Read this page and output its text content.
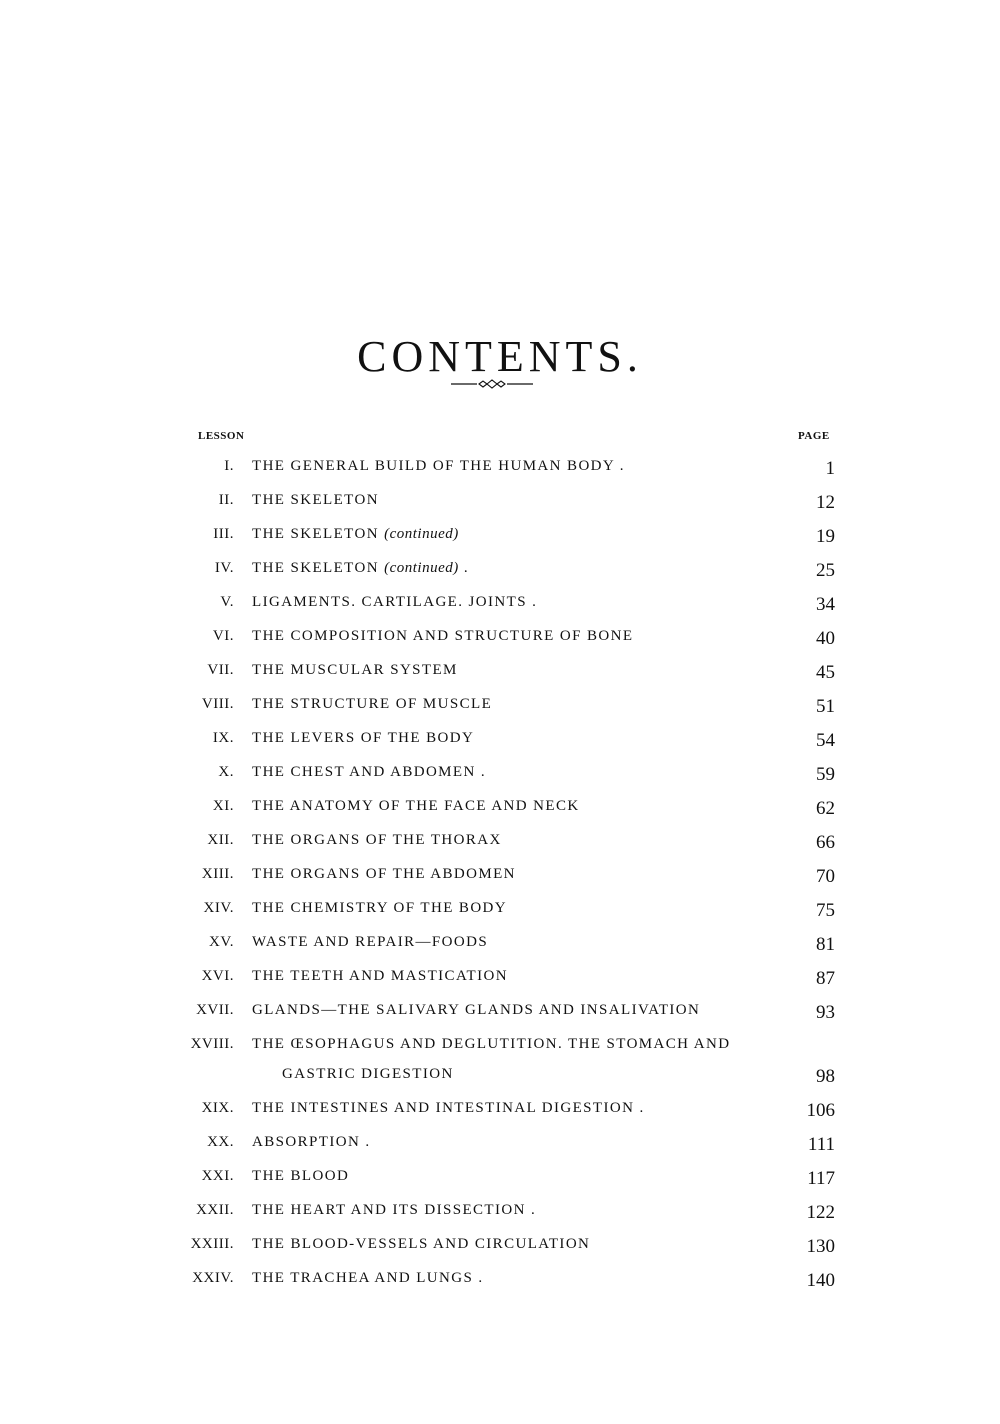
CONTENTS.
LESSON	PAGE
I. THE GENERAL BUILD OF THE HUMAN BODY .	1
II. THE SKELETON	12
III. THE SKELETON (continued)	19
IV. THE SKELETON (continued) .	25
V. LIGAMENTS. CARTILAGE. JOINTS .	34
VI. THE COMPOSITION AND STRUCTURE OF BONE	40
VII. THE MUSCULAR SYSTEM	45
VIII. THE STRUCTURE OF MUSCLE	51
IX. THE LEVERS OF THE BODY	54
X. THE CHEST AND ABDOMEN .	59
XI. THE ANATOMY OF THE FACE AND NECK	62
XII. THE ORGANS OF THE THORAX	66
XIII. THE ORGANS OF THE ABDOMEN	70
XIV. THE CHEMISTRY OF THE BODY	75
XV. WASTE AND REPAIR—FOODS	81
XVI. THE TEETH AND MASTICATION	87
XVII. GLANDS—THE SALIVARY GLANDS AND INSALIVATION	93
XVIII. THE ŒSOPHAGUS AND DEGLUTITION. THE STOMACH AND
GASTRIC DIGESTION	98
XIX. THE INTESTINES AND INTESTINAL DIGESTION .	106
XX. ABSORPTION .	111
XXI. THE BLOOD	117
XXII. THE HEART AND ITS DISSECTION .	122
XXIII. THE BLOOD-VESSELS AND CIRCULATION	130
XXIV. THE TRACHEA AND LUNGS .	140
